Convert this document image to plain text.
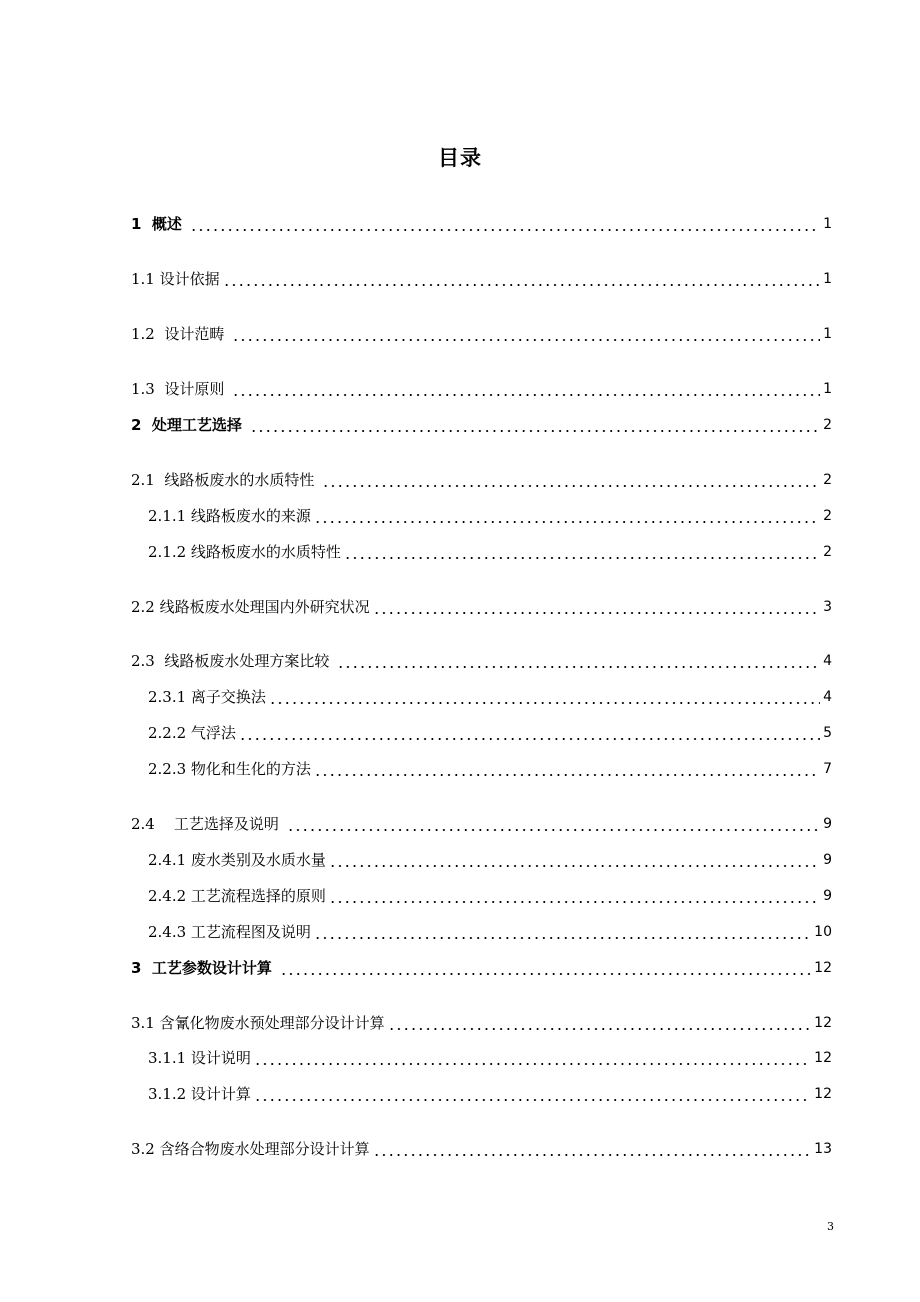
目录
1  概述	1
1.1 设计依据	1
1.2  设计范畴	1
1.3  设计原则	1
2  处理工艺选择	2
2.1  线路板废水的水质特性	2
2.1.1 线路板废水的来源	2
2.1.2 线路板废水的水质特性	2
2.2 线路板废水处理国内外研究状况	3
2.3  线路板废水处理方案比较	4
2.3.1 离子交换法	4
2.2.2 气浮法	5
2.2.3 物化和生化的方法	7
2.4    工艺选择及说明	9
2.4.1 废水类别及水质水量	9
2.4.2 工艺流程选择的原则	9
2.4.3 工艺流程图及说明	10
3  工艺参数设计计算	12
3.1 含氰化物废水预处理部分设计计算	12
3.1.1 设计说明	12
3.1.2 设计计算	12
3.2 含络合物废水处理部分设计计算	13
3
